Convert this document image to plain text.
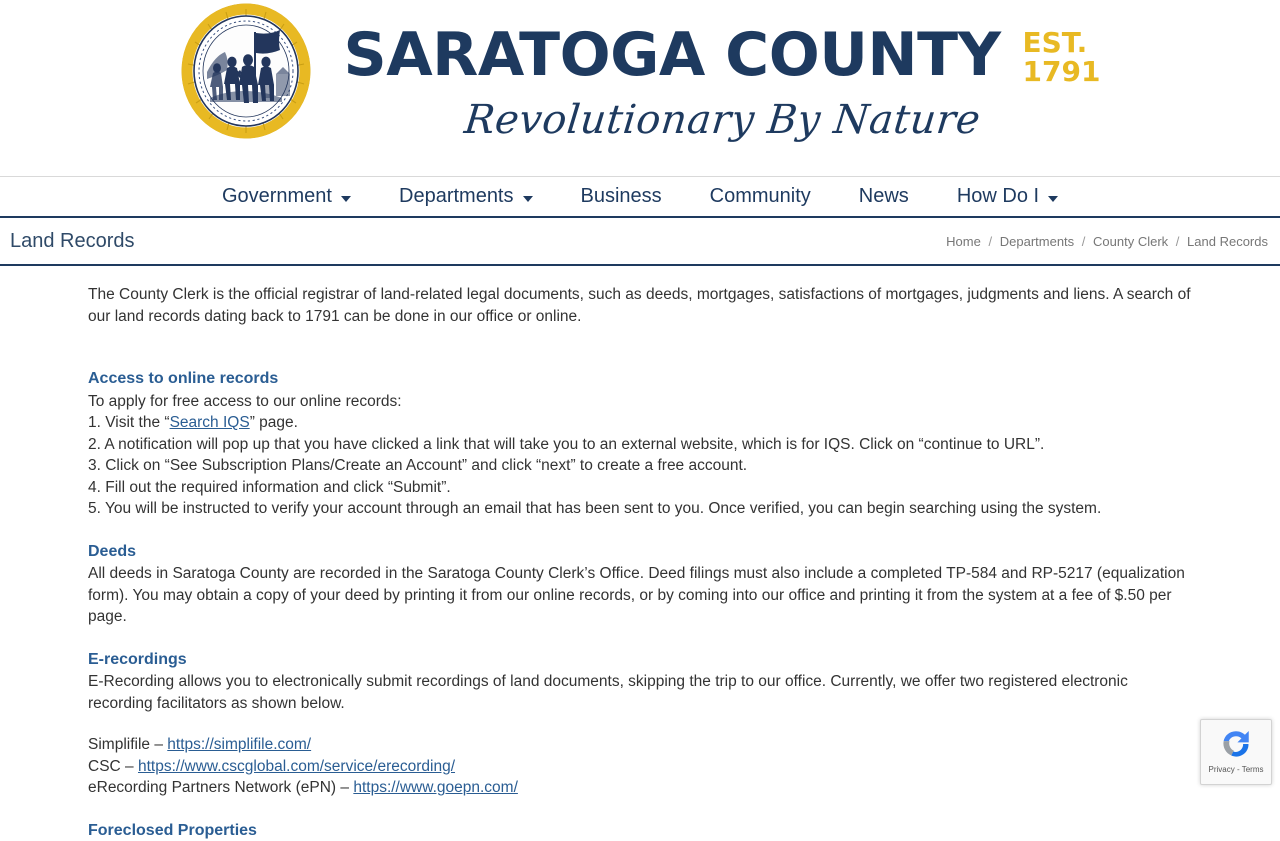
SARATOGA COUNTY EST.
1791
Revolutionary By Nature
Government	Departments	Business Community News How Do I
Land Records	Home / Departments / County Clerk / Land Records

The County Clerk is the official registrar of land-related legal documents, such as deeds, mortgages, satisfactions of mortgages, judgments and liens. A search of our land records dating back to 1791 can be done in our office or online.

Access to online records

To apply for free access to our online records:

1. Visit the “Search IQS” page.
2. A notification will pop up that you have clicked a link that will take you to an external website, which is for IQS. Click on “continue to URL”.
3. Click on “See Subscription Plans/Create an Account” and click “next” to create a free account.
4. Fill out the required information and click “Submit”.
5. You will be instructed to verify your account through an email that has been sent to you. Once verified, you can begin searching using the system.
Deeds

All deeds in Saratoga County are recorded in the Saratoga County Clerk’s Office. Deed filings must also include a completed TP-584 and RP-5217 (equalization form). You may obtain a copy of your deed by printing it from our online records, or by coming into our office and printing it from the system at a fee of $.50 per page.

E-recordings

E-Recording allows you to electronically submit recordings of land documents, skipping the trip to our office. Currently, we offer two registered electronic recording facilitators as shown below.

Simplifile – https://simplifile.com/
CSC – https://www.cscglobal.com/service/erecording/
eRecording Partners Network (ePN) – https://www.goepn.com/
Foreclosed Properties
Privacy - Terms
